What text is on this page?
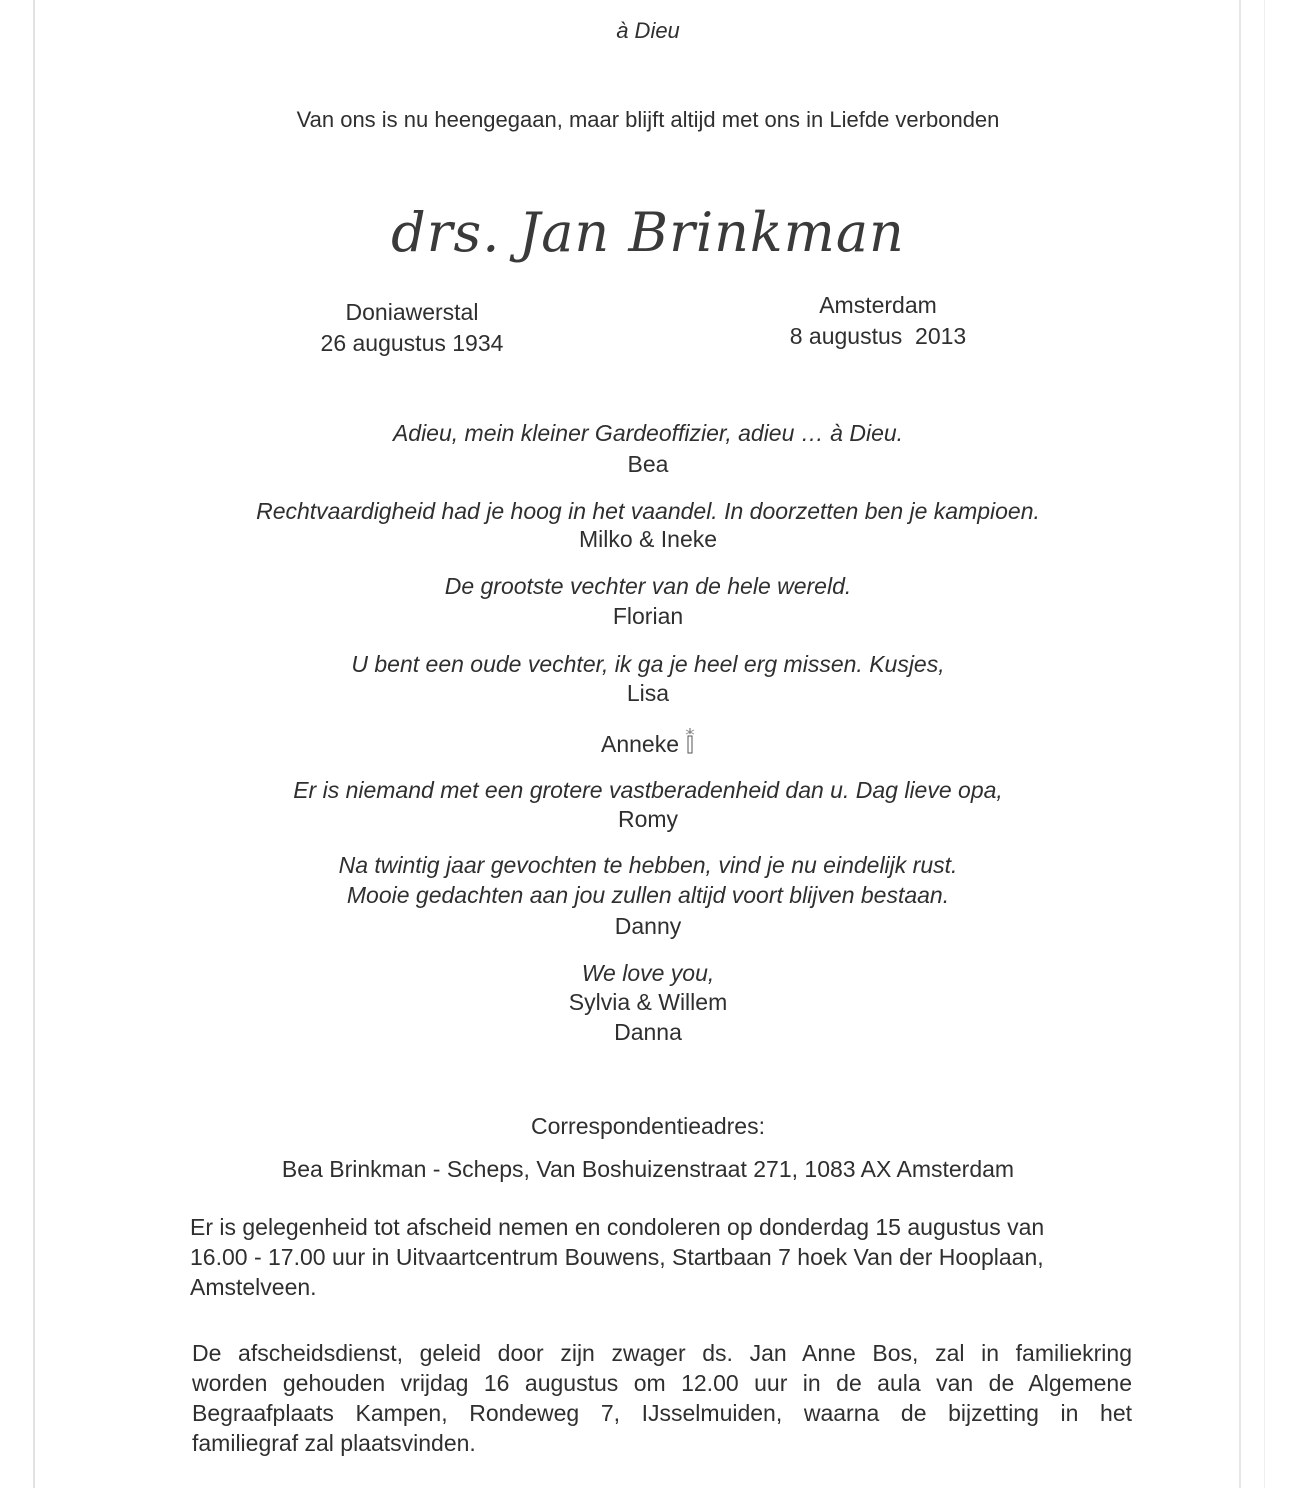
à Dieu
Van ons is nu heengegaan, maar blijft altijd met ons in Liefde verbonden
drs. Jan Brinkman
Doniawerstal
26 augustus 1934
Amsterdam
8 augustus  2013
Adieu, mein kleiner Gardeoffizier, adieu … à Dieu.
Bea
Rechtvaardigheid had je hoog in het vaandel. In doorzetten ben je kampioen.
Milko & Ineke
De grootste vechter van de hele wereld.
Florian
U bent een oude vechter, ik ga je heel erg missen. Kusjes,
Lisa
Anneke
Er is niemand met een grotere vastberadenheid dan u. Dag lieve opa,
Romy
Na twintig jaar gevochten te hebben, vind je nu eindelijk rust.
Mooie gedachten aan jou zullen altijd voort blijven bestaan.
Danny
We love you,
Sylvia & Willem
Danna
Correspondentieadres:
Bea Brinkman - Scheps, Van Boshuizenstraat 271, 1083 AX Amsterdam
Er is gelegenheid tot afscheid nemen en condoleren op donderdag 15 augustus van
16.00 - 17.00 uur in Uitvaartcentrum Bouwens, Startbaan 7 hoek Van der Hooplaan,
Amstelveen.
De afscheidsdienst, geleid door zijn zwager ds. Jan Anne Bos, zal in familiekring
worden gehouden vrijdag 16 augustus om 12.00 uur in de aula van de Algemene
Begraafplaats Kampen, Rondeweg 7, IJsselmuiden, waarna de bijzetting in het
familiegraf zal plaatsvinden.
